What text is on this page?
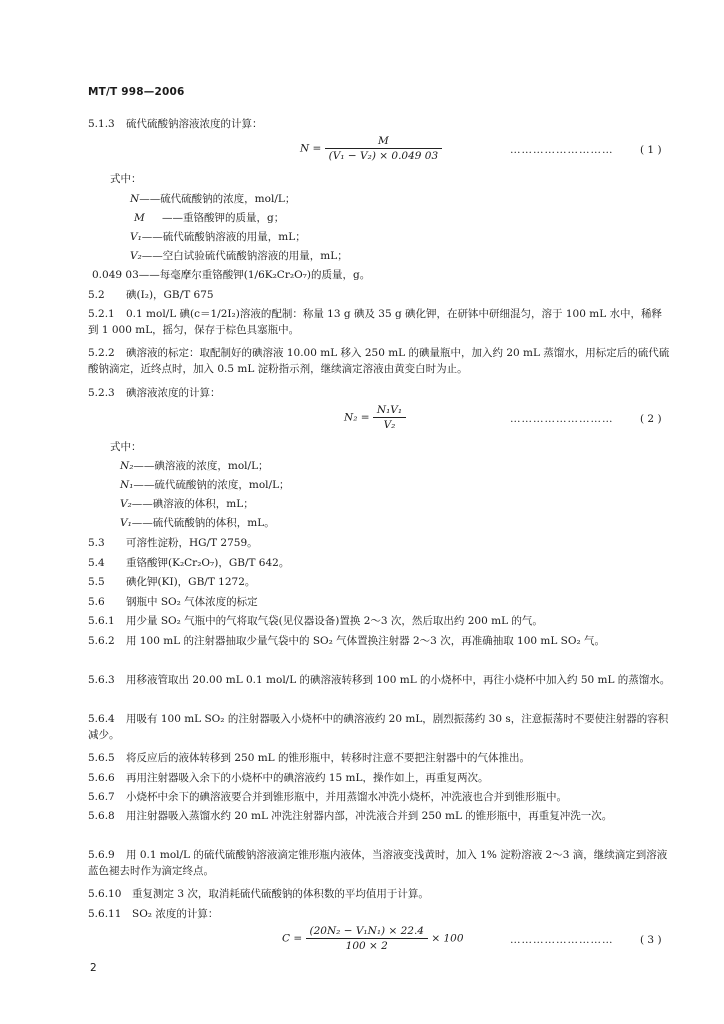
MT/T 998—2006
5.1.3 硫代硫酸钠溶液浓度的计算：
$N = \frac{M}{\text{(V₁ − V₂) × 0.049 03}}$	………………………	( 1 )
式中：
N——硫代硫酸钠的浓度，mol/L；
M ——重铬酸钾的质量，g；
V₁——硫代硫酸钠溶液的用量，mL；
V₂——空白试验硫代硫酸钠溶液的用量，mL；
0.049 03——每毫摩尔重铬酸钾(1/6K₂Cr₂O₇)的质量，g。
5.2 碘(I₂)，GB/T 675
5.2.1 0.1 mol/L 碘(c＝1/2I₂)溶液的配制：称量 13 g 碘及 35 g 碘化钾，在研钵中研细混匀，溶于 100 mL 水中，稀释到 1 000 mL，摇匀，保存于棕色具塞瓶中。
5.2.2 碘溶液的标定：取配制好的碘溶液 10.00 mL 移入 250 mL 的碘量瓶中，加入约 20 mL 蒸馏水，用标定后的硫代硫酸钠滴定，近终点时，加入 0.5 mL 淀粉指示剂，继续滴定溶液由黄变白时为止。
5.2.3 碘溶液浓度的计算：
$N_2 = \frac{\text{N₁V₁}}{\text{V₂}}$	………………………	( 2 )
式中：
N₂——碘溶液的浓度，mol/L；
N₁——硫代硫酸钠的浓度，mol/L；
V₂——碘溶液的体积，mL；
V₁——硫代硫酸钠的体积，mL。
5.3 可溶性淀粉，HG/T 2759。
5.4 重铬酸钾(K₂Cr₂O₇)，GB/T 642。
5.5 碘化钾(KI)，GB/T 1272。
5.6 钢瓶中 SO₂ 气体浓度的标定
5.6.1 用少量 SO₂ 气瓶中的气将取气袋(见仪器设备)置换 2～3 次，然后取出约 200 mL 的气。
5.6.2 用 100 mL 的注射器抽取少量气袋中的 SO₂ 气体置换注射器 2～3 次，再准确抽取 100 mL SO₂ 气。
5.6.3 用移液管取出 20.00 mL 0.1 mol/L 的碘溶液转移到 100 mL 的小烧杯中，再往小烧杯中加入约 50 mL 的蒸馏水。
5.6.4 用吸有 100 mL SO₂ 的注射器吸入小烧杯中的碘溶液约 20 mL，剧烈振荡约 30 s，注意振荡时不要使注射器的容积减少。
5.6.5 将反应后的液体转移到 250 mL 的锥形瓶中，转移时注意不要把注射器中的气体推出。
5.6.6 再用注射器吸入余下的小烧杯中的碘溶液约 15 mL，操作如上，再重复两次。
5.6.7 小烧杯中余下的碘溶液要合并到锥形瓶中，并用蒸馏水冲洗小烧杯，冲洗液也合并到锥形瓶中。
5.6.8 用注射器吸入蒸馏水约 20 mL 冲洗注射器内部，冲洗液合并到 250 mL 的锥形瓶中，再重复冲洗一次。
5.6.9 用 0.1 mol/L 的硫代硫酸钠溶液滴定锥形瓶内液体，当溶液变浅黄时，加入 1% 淀粉溶液 2～3 滴，继续滴定到溶液蓝色褪去时作为滴定终点。
5.6.10 重复测定 3 次，取消耗硫代硫酸钠的体积数的平均值用于计算。
5.6.11 SO₂ 浓度的计算：
$C = \frac{\text{(20N₂ − V₁N₁) × 22.4}}{100 \times 2} \times 100$	………………………	( 3 )
2
